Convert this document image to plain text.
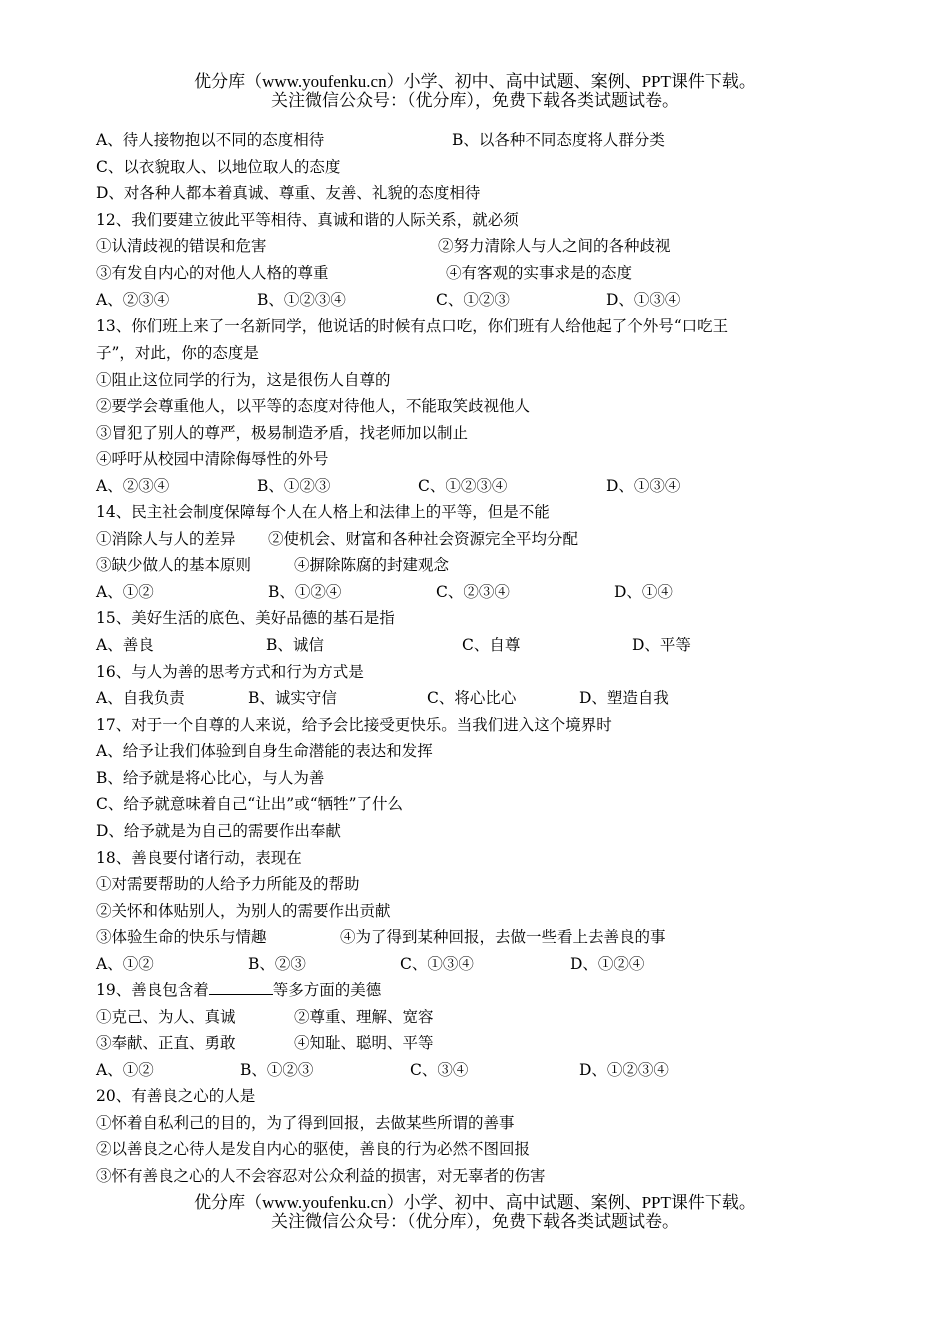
优分库（www.youfenku.cn）小学、初中、高中试题、案例、PPT课件下载。
关注微信公众号：（优分库），免费下载各类试题试卷。
A、待人接物抱以不同的态度相待	B、以各种不同态度将人群分类
C、以衣貌取人、以地位取人的态度
D、对各种人都本着真诚、尊重、友善、礼貌的态度相待
12、我们要建立彼此平等相待、真诚和谐的人际关系，就必须
①认清歧视的错误和危害	②努力清除人与人之间的各种歧视
③有发自内心的对他人人格的尊重	④有客观的实事求是的态度
A、②③④	B、①②③④	C、①②③	D、①③④
13、你们班上来了一名新同学，他说话的时候有点口吃，你们班有人给他起了个外号“口吃王
子”，对此，你的态度是
①阻止这位同学的行为，这是很伤人自尊的
②要学会尊重他人，以平等的态度对待他人，不能取笑歧视他人
③冒犯了别人的尊严，极易制造矛盾，找老师加以制止
④呼吁从校园中清除侮辱性的外号
A、②③④	B、①②③	C、①②③④	D、①③④
14、民主社会制度保障每个人在人格上和法律上的平等，但是不能
①消除人与人的差异 ②使机会、财富和各种社会资源完全平均分配
③缺少做人的基本原则	④摒除陈腐的封建观念
A、①②	B、①②④	C、②③④	D、①④
15、美好生活的底色、美好品德的基石是指
A、善良	B、诚信	C、自尊	D、平等
16、与人为善的思考方式和行为方式是
A、自我负责	B、诚实守信	C、将心比心	D、塑造自我
17、对于一个自尊的人来说，给予会比接受更快乐。当我们进入这个境界时
A、给予让我们体验到自身生命潜能的表达和发挥
B、给予就是将心比心，与人为善
C、给予就意味着自己“让出”或“牺牲”了什么
D、给予就是为自己的需要作出奉献
18、善良要付诸行动，表现在
①对需要帮助的人给予力所能及的帮助
②关怀和体贴别人，为别人的需要作出贡献
③体验生命的快乐与情趣	④为了得到某种回报，去做一些看上去善良的事
A、①②	B、②③	C、①③④	D、①②④
19、善良包含着	等多方面的美德
①克己、为人、真诚	②尊重、理解、宽容
③奉献、正直、勇敢	④知耻、聪明、平等
A、①②	B、①②③	C、③④	D、①②③④
20、有善良之心的人是
①怀着自私利己的目的，为了得到回报，去做某些所谓的善事
②以善良之心待人是发自内心的驱使，善良的行为必然不图回报
③怀有善良之心的人不会容忍对公众利益的损害，对无辜者的伤害
优分库（www.youfenku.cn）小学、初中、高中试题、案例、PPT课件下载。
关注微信公众号：（优分库），免费下载各类试题试卷。
